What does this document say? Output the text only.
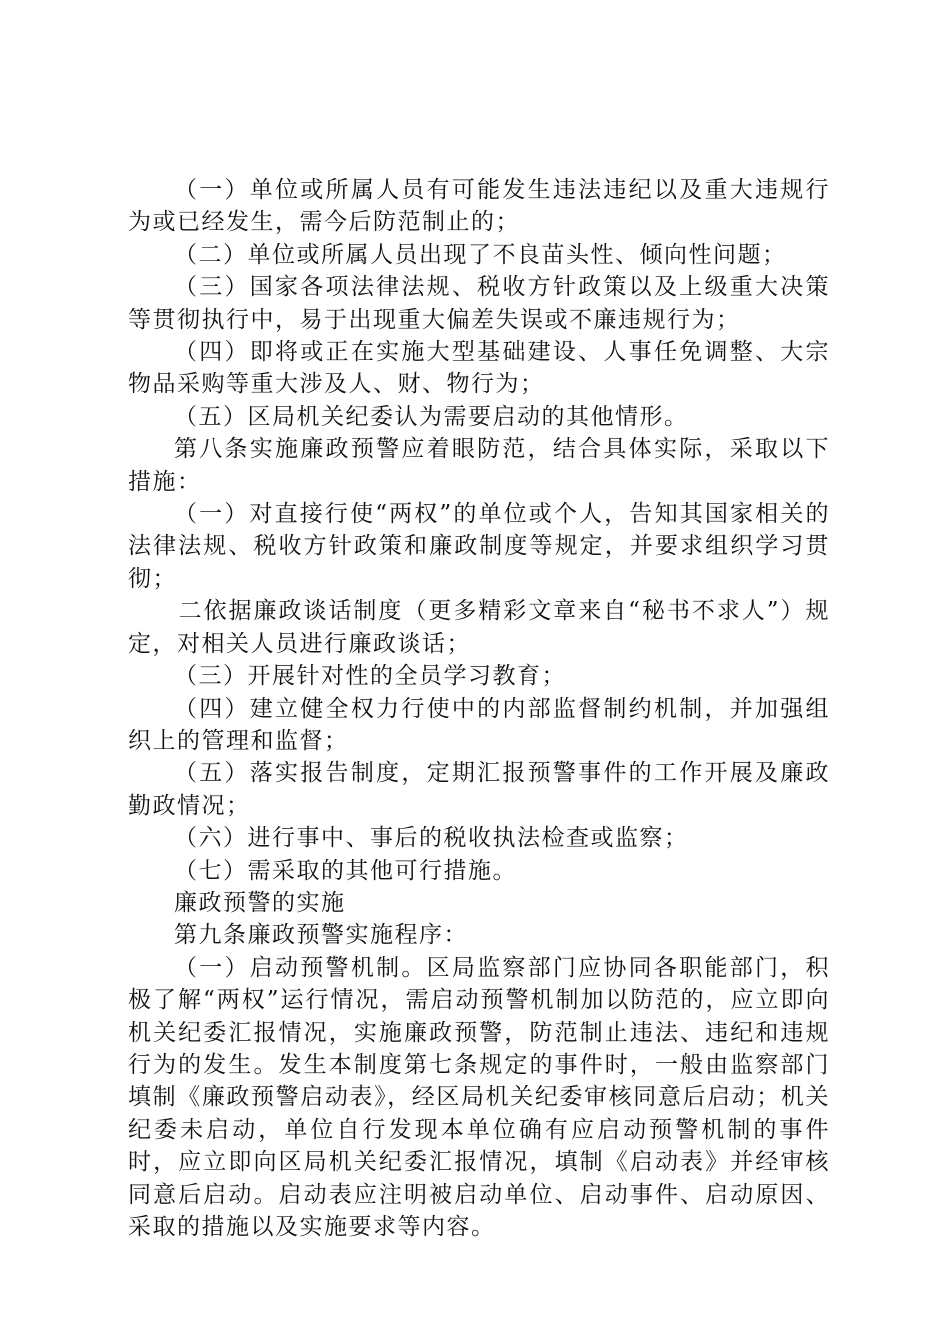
（一）单位或所属人员有可能发生违法违纪以及重大违规行为或已经发生，需今后防范制止的；

（二）单位或所属人员出现了不良苗头性、倾向性问题；

（三）国家各项法律法规、税收方针政策以及上级重大决策等贯彻执行中，易于出现重大偏差失误或不廉违规行为；

（四）即将或正在实施大型基础建设、人事任免调整、大宗物品采购等重大涉及人、财、物行为；

（五）区局机关纪委认为需要启动的其他情形。

第八条实施廉政预警应着眼防范，结合具体实际，采取以下措施：

（一）对直接行使“两权”的单位或个人，告知其国家相关的法律法规、税收方针政策和廉政制度等规定，并要求组织学习贯彻；

二依据廉政谈话制度（更多精彩文章来自“秘书不求人”）规定，对相关人员进行廉政谈话；

（三）开展针对性的全员学习教育；

（四）建立健全权力行使中的内部监督制约机制，并加强组织上的管理和监督；

（五）落实报告制度，定期汇报预警事件的工作开展及廉政勤政情况；

（六）进行事中、事后的税收执法检查或监察；

（七）需采取的其他可行措施。

廉政预警的实施

第九条廉政预警实施程序：

（一）启动预警机制。区局监察部门应协同各职能部门，积极了解“两权”运行情况，需启动预警机制加以防范的，应立即向机关纪委汇报情况，实施廉政预警，防范制止违法、违纪和违规行为的发生。发生本制度第七条规定的事件时，一般由监察部门填制《廉政预警启动表》，经区局机关纪委审核同意后启动；机关纪委未启动，单位自行发现本单位确有应启动预警机制的事件时，应立即向区局机关纪委汇报情况，填制《启动表》并经审核同意后启动。启动表应注明被启动单位、启动事件、启动原因、采取的措施以及实施要求等内容。
